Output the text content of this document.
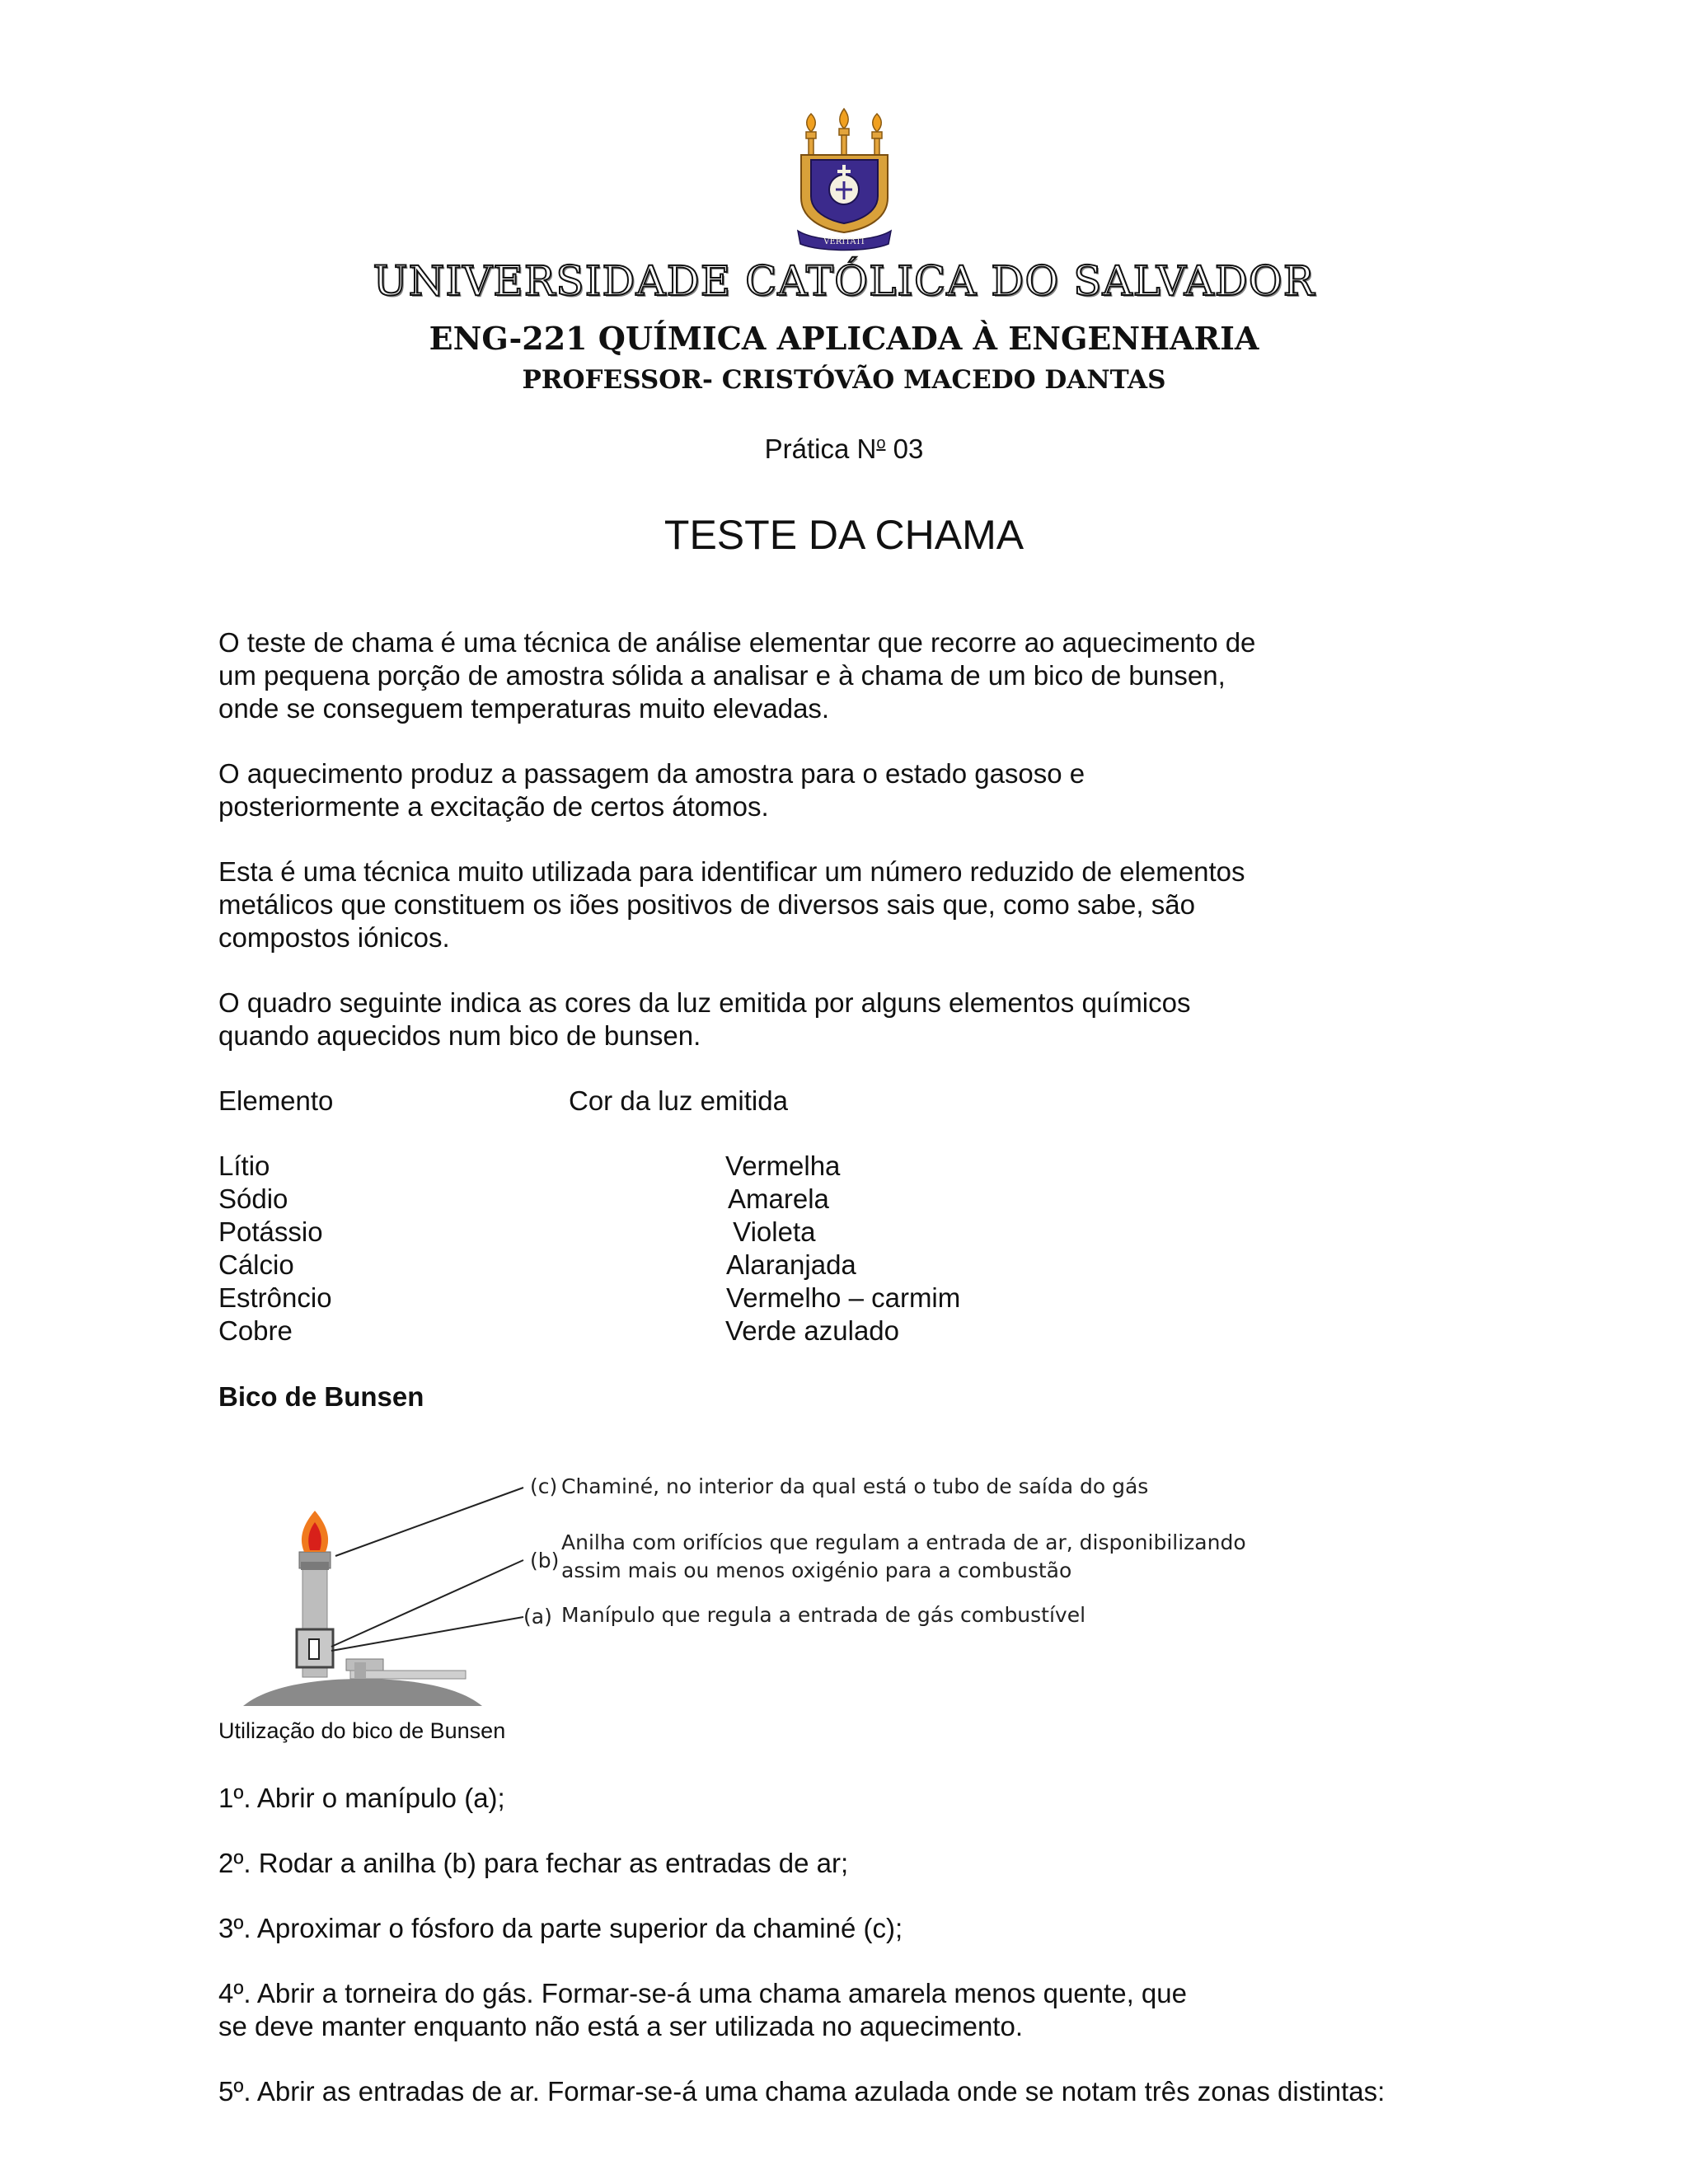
VERITATI
UNIVERSIDADE CATÓLICA DO SALVADOR
ENG-221 QUÍMICA APLICADA À ENGENHARIA
PROFESSOR- CRISTÓVÃO MACEDO DANTAS
Prática $N^o$ 03
TESTE DA CHAMA
O teste de chama é uma técnica de análise elementar que recorre ao aquecimento de
um pequena porção de amostra sólida a analisar e à chama de um bico de bunsen,
onde se conseguem temperaturas muito elevadas.
O aquecimento produz a passagem da amostra para o estado gasoso e
posteriormente a excitação de certos átomos.
Esta é uma técnica muito utilizada para identificar um número reduzido de elementos
metálicos que constituem os iões positivos de diversos sais que, como sabe, são
compostos iónicos.
O quadro seguinte indica as cores da luz emitida por alguns elementos químicos
quando aquecidos num bico de bunsen.
Elemento	Cor da luz emitida
Lítio	Vermelha
Sódio	Amarela
Potássio	Violeta
Cálcio	Alaranjada
Estrôncio	Vermelho – carmim
Cobre	Verde azulado
Bico de Bunsen
(c) Chaminé, no interior da qual está o tubo de saída do gás
(b)
Anilha com orifícios que regulam a entrada de ar, disponibilizando
assim mais ou menos oxigénio para a combustão
(a) Manípulo que regula a entrada de gás combustível
Utilização do bico de Bunsen
1º. Abrir o manípulo (a);
2º. Rodar a anilha (b) para fechar as entradas de ar;
3º. Aproximar o fósforo da parte superior da chaminé (c);
4º. Abrir a torneira do gás. Formar-se-á uma chama amarela menos quente, que
se deve manter enquanto não está a ser utilizada no aquecimento.
5º. Abrir as entradas de ar. Formar-se-á uma chama azulada onde se notam três zonas distintas:
